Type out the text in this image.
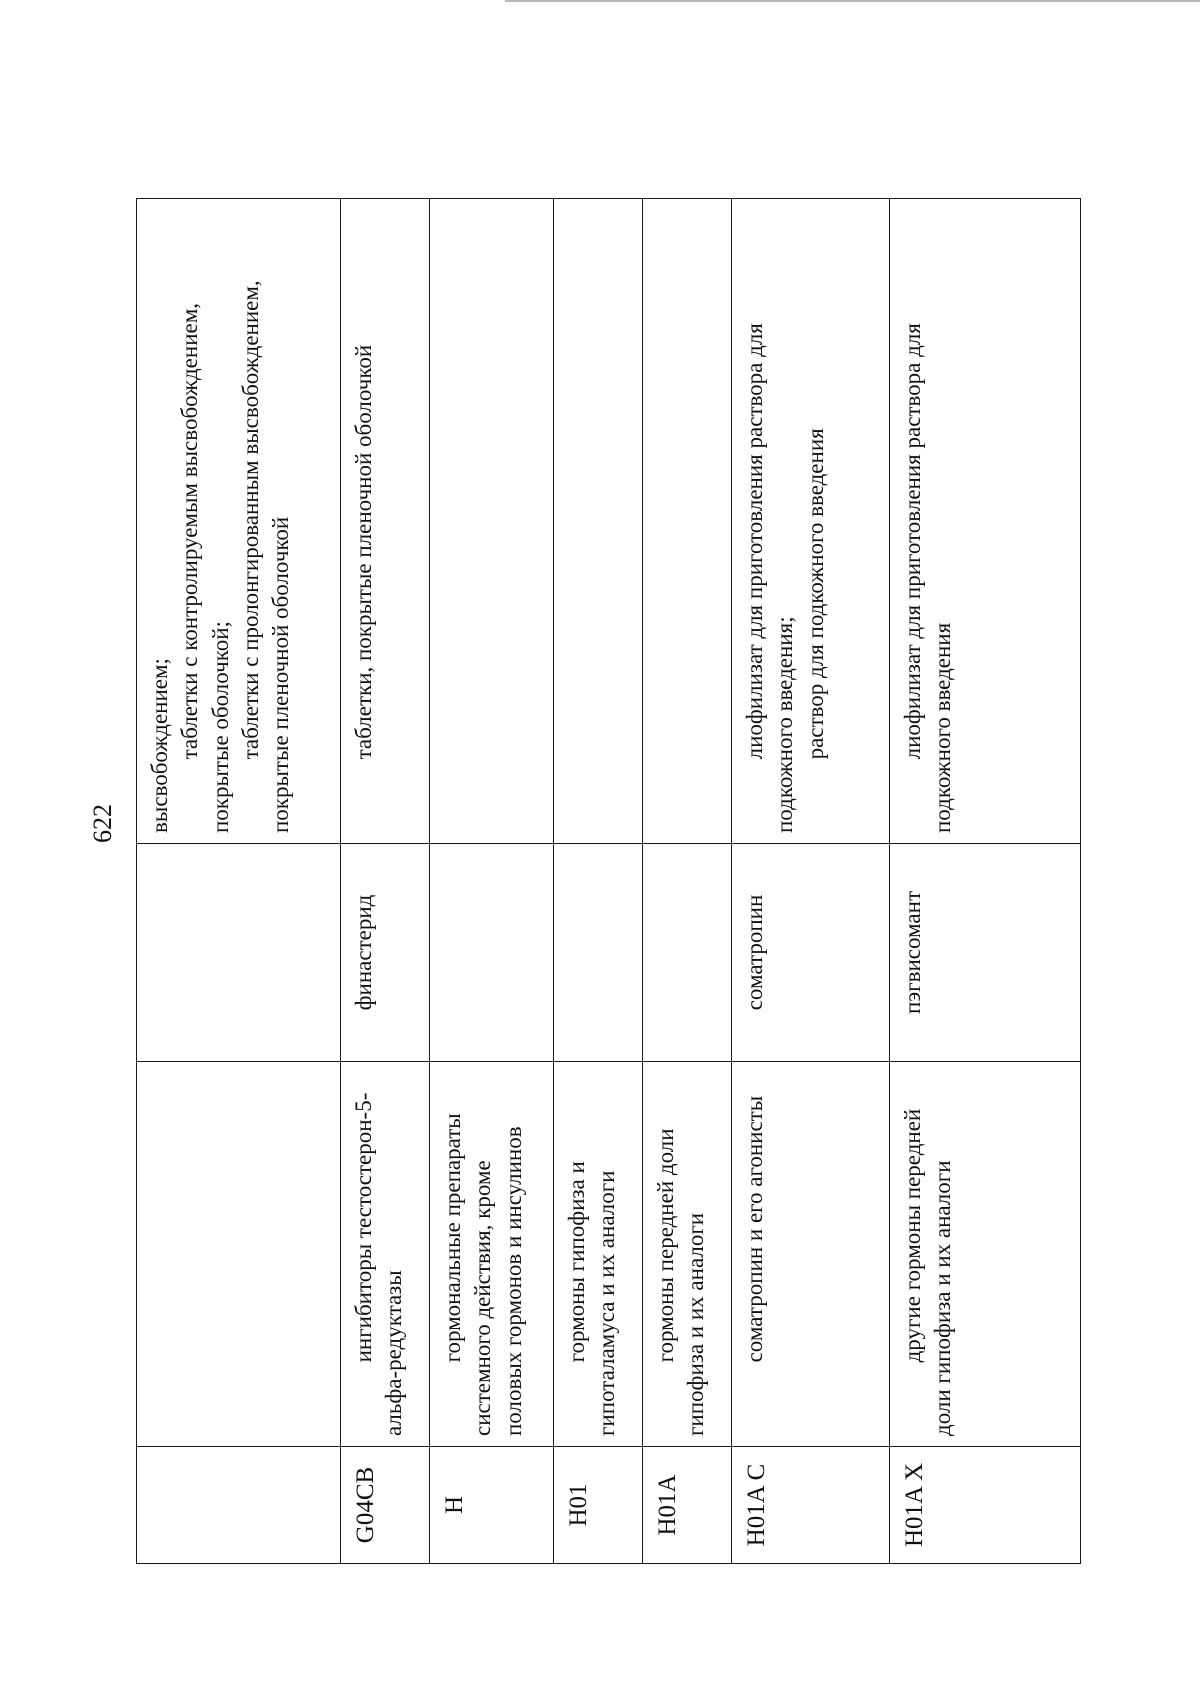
622

			высвобождением; таблетки с контролируемым высвобождением, покрытые оболочкой; таблетки с пролонгированным высвобождением, покрытые пленочной оболочкой

G04CB	ингибиторы тестостерон-5-альфа-редуктазы	финастерид	таблетки, покрытые пленочной оболочкой

H	гормональные препараты системного действия, кроме половых гормонов и инсулинов		
H01	гормоны гипофиза и гипоталамуса и их аналоги		
H01A	гормоны передней доли гипофиза и их аналоги		
H01A C	соматропин и его агонисты	соматропин	лиофилизат для приготовления раствора для подкожного введения; раствор для подкожного введения

H01A X	другие гормоны передней доли гипофиза и их аналоги	пэгвисомант	лиофилизат для приготовления раствора для подкожного введения
